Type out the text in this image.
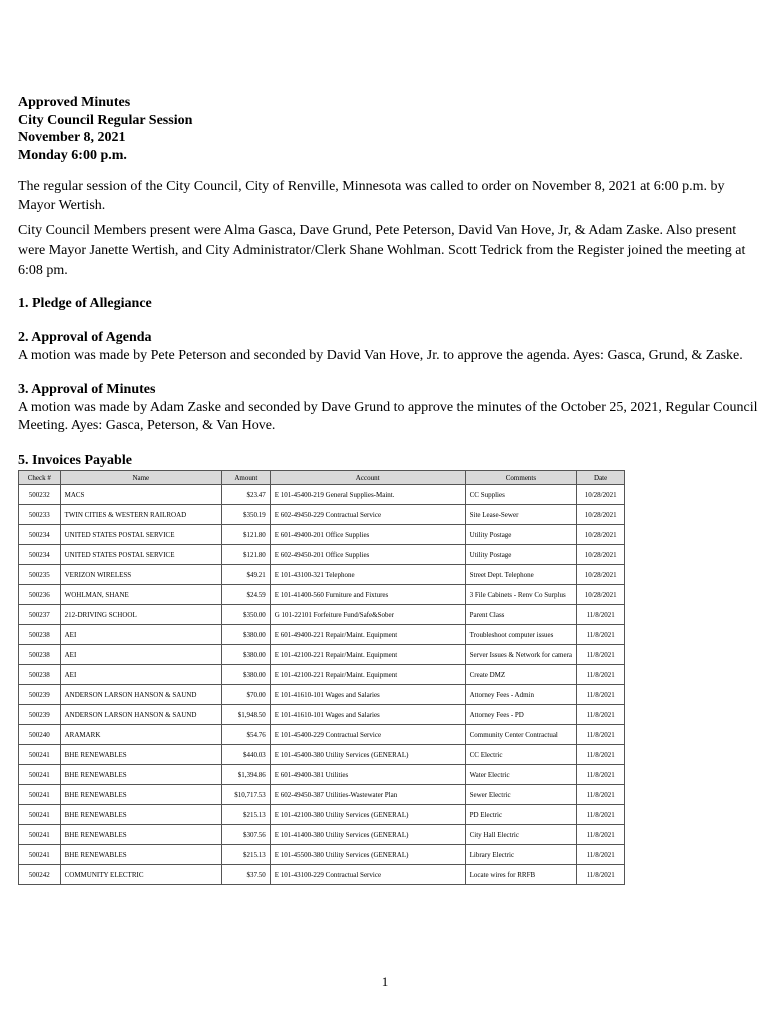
Approved Minutes
City Council Regular Session
November 8, 2021
Monday 6:00 p.m.

The regular session of the City Council, City of Renville, Minnesota was called to order on November 8, 2021 at 6:00 p.m. by Mayor Wertish.

City Council Members present were Alma Gasca, Dave Grund, Pete Peterson, David Van Hove, Jr, & Adam Zaske. Also present were Mayor Janette Wertish, and City Administrator/Clerk Shane Wohlman. Scott Tedrick from the Register joined the meeting at 6:08 pm.

1. Pledge of Allegiance
2. Approval of Agenda
A motion was made by Pete Peterson and seconded by David Van Hove, Jr. to approve the agenda. Ayes: Gasca, Grund, & Zaske.
3. Approval of Minutes
A motion was made by Adam Zaske and seconded by Dave Grund to approve the minutes of the October 25, 2021, Regular Council Meeting. Ayes: Gasca, Peterson, & Van Hove.
5. Invoices Payable
Check #	Name	Amount	Account	Comments	Date
500232	MACS	$23.47	E 101-45400-219 General Supplies-Maint.	CC Supplies	10/28/2021
500233	TWIN CITIES & WESTERN RAILROAD	$350.19	E 602-49450-229 Contractual Service	Site Lease-Sewer	10/28/2021
500234	UNITED STATES POSTAL SERVICE	$121.80	E 601-49400-201 Office Supplies	Utility Postage	10/28/2021
500234	UNITED STATES POSTAL SERVICE	$121.80	E 602-49450-201 Office Supplies	Utility Postage	10/28/2021
500235	VERIZON WIRELESS	$49.21	E 101-43100-321 Telephone	Street Dept. Telephone	10/28/2021
500236	WOHLMAN, SHANE	$24.59	E 101-41400-560 Furniture and Fixtures	3 File Cabinets - Renv Co Surplus	10/28/2021
500237	212-DRIVING SCHOOL	$350.00	G 101-22101 Forfeiture Fund/Safe&Sober	Parent Class	11/8/2021
500238	AEI	$380.00	E 601-49400-221 Repair/Maint. Equipment	Troubleshoot computer issues	11/8/2021
500238	AEI	$380.00	E 101-42100-221 Repair/Maint. Equipment	Server Issues & Network for camera	11/8/2021
500238	AEI	$380.00	E 101-42100-221 Repair/Maint. Equipment	Create DMZ	11/8/2021
500239	ANDERSON LARSON HANSON & SAUND	$70.00	E 101-41610-101 Wages and Salaries	Attorney Fees - Admin	11/8/2021
500239	ANDERSON LARSON HANSON & SAUND	$1,948.50	E 101-41610-101 Wages and Salaries	Attorney Fees - PD	11/8/2021
500240	ARAMARK	$54.76	E 101-45400-229 Contractual Service	Community Center Contractual	11/8/2021
500241	BHE RENEWABLES	$440.03	E 101-45400-380 Utility Services (GENERAL)	CC Electric	11/8/2021
500241	BHE RENEWABLES	$1,394.86	E 601-49400-381 Utilities	Water Electric	11/8/2021
500241	BHE RENEWABLES	$10,717.53	E 602-49450-387 Utilities-Wastewater Plan	Sewer Electric	11/8/2021
500241	BHE RENEWABLES	$215.13	E 101-42100-380 Utility Services (GENERAL)	PD Electric	11/8/2021
500241	BHE RENEWABLES	$307.56	E 101-41400-380 Utility Services (GENERAL)	City Hall Electric	11/8/2021
500241	BHE RENEWABLES	$215.13	E 101-45500-380 Utility Services (GENERAL)	Library Electric	11/8/2021
500242	COMMUNITY ELECTRIC	$37.50	E 101-43100-229 Contractual Service	Locate wires for RRFB	11/8/2021
1
